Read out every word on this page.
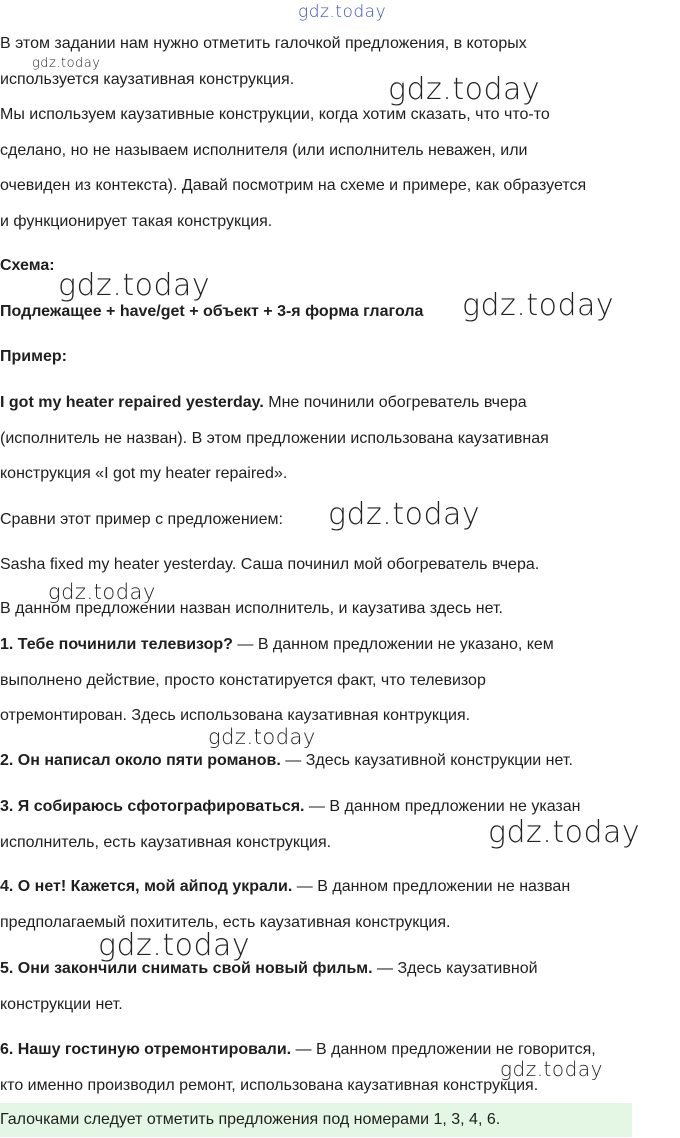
gdz.today
gdz.today
gdz.today
gdz.today
gdz.today
gdz.today
gdz.today
gdz.today
gdz.today
gdz.today
gdz.today
В этом задании нам нужно отметить галочкой предложения, в которых
используется каузативная конструкция.
Мы используем каузативные конструкции, когда хотим сказать, что что-то
сделано, но не называем исполнителя (или исполнитель неважен, или
очевиден из контекста). Давай посмотрим на схеме и примере, как образуется
и функционирует такая конструкция.
Схема:
Подлежащее + have/get + объект + 3-я форма глагола
Пример:
I got my heater repaired yesterday. Мне починили обогреватель вчера
(исполнитель не назван). В этом предложении использована каузативная
конструкция «I got my heater repaired».
Сравни этот пример с предложением:
Sasha fixed my heater yesterday. Саша починил мой обогреватель вчера.
В данном предложении назван исполнитель, и каузатива здесь нет.
1. Тебе починили телевизор? — В данном предложении не указано, кем
выполнено действие, просто констатируется факт, что телевизор
отремонтирован. Здесь использована каузативная контрукция.
2. Он написал около пяти романов. — Здесь каузативной конструкции нет.
3. Я собираюсь сфотографироваться. — В данном предложении не указан
исполнитель, есть каузативная конструкция.
4. О нет! Кажется, мой айпод украли. — В данном предложении не назван
предполагаемый похититель, есть каузативная конструкция.
5. Они закончили снимать свой новый фильм. — Здесь каузативной
конструкции нет.
6. Нашу гостиную отремонтировали. — В данном предложении не говорится,
кто именно производил ремонт, использована каузативная конструкция.
Галочками следует отметить предложения под номерами 1, 3, 4, 6.
